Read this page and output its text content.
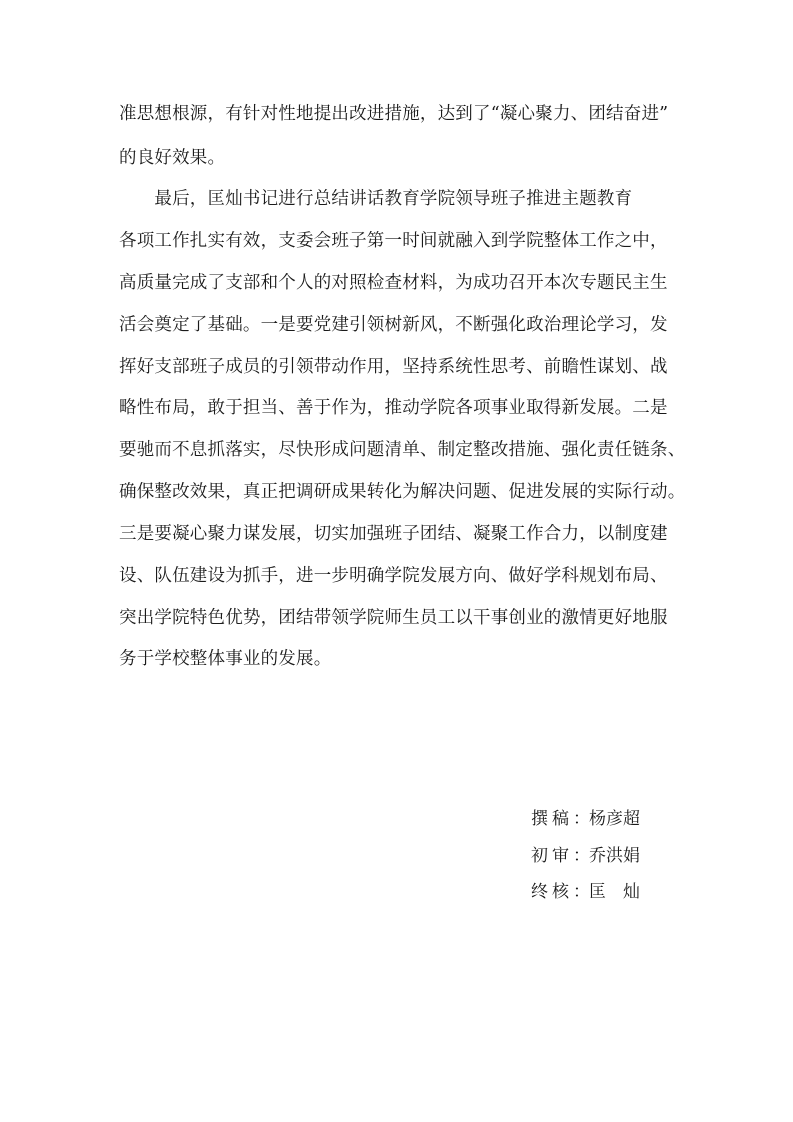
准思想根源，有针对性地提出改进措施，达到了“凝心聚力、团结奋进”
的良好效果。
　　最后，匡灿书记进行总结讲话教育学院领导班子推进主题教育
各项工作扎实有效，支委会班子第一时间就融入到学院整体工作之中，
高质量完成了支部和个人的对照检查材料，为成功召开本次专题民主生
活会奠定了基础。一是要党建引领树新风，不断强化政治理论学习，发
挥好支部班子成员的引领带动作用，坚持系统性思考、前瞻性谋划、战
略性布局，敢于担当、善于作为，推动学院各项事业取得新发展。二是
要驰而不息抓落实，尽快形成问题清单、制定整改措施、强化责任链条、
确保整改效果，真正把调研成果转化为解决问题、促进发展的实际行动。
三是要凝心聚力谋发展，切实加强班子团结、凝聚工作合力，以制度建
设、队伍建设为抓手，进一步明确学院发展方向、做好学科规划布局、
突出学院特色优势，团结带领学院师生员工以干事创业的激情更好地服
务于学校整体事业的发展。
撰稿：杨彦超
初审：乔洪娟
终核：匡　灿
